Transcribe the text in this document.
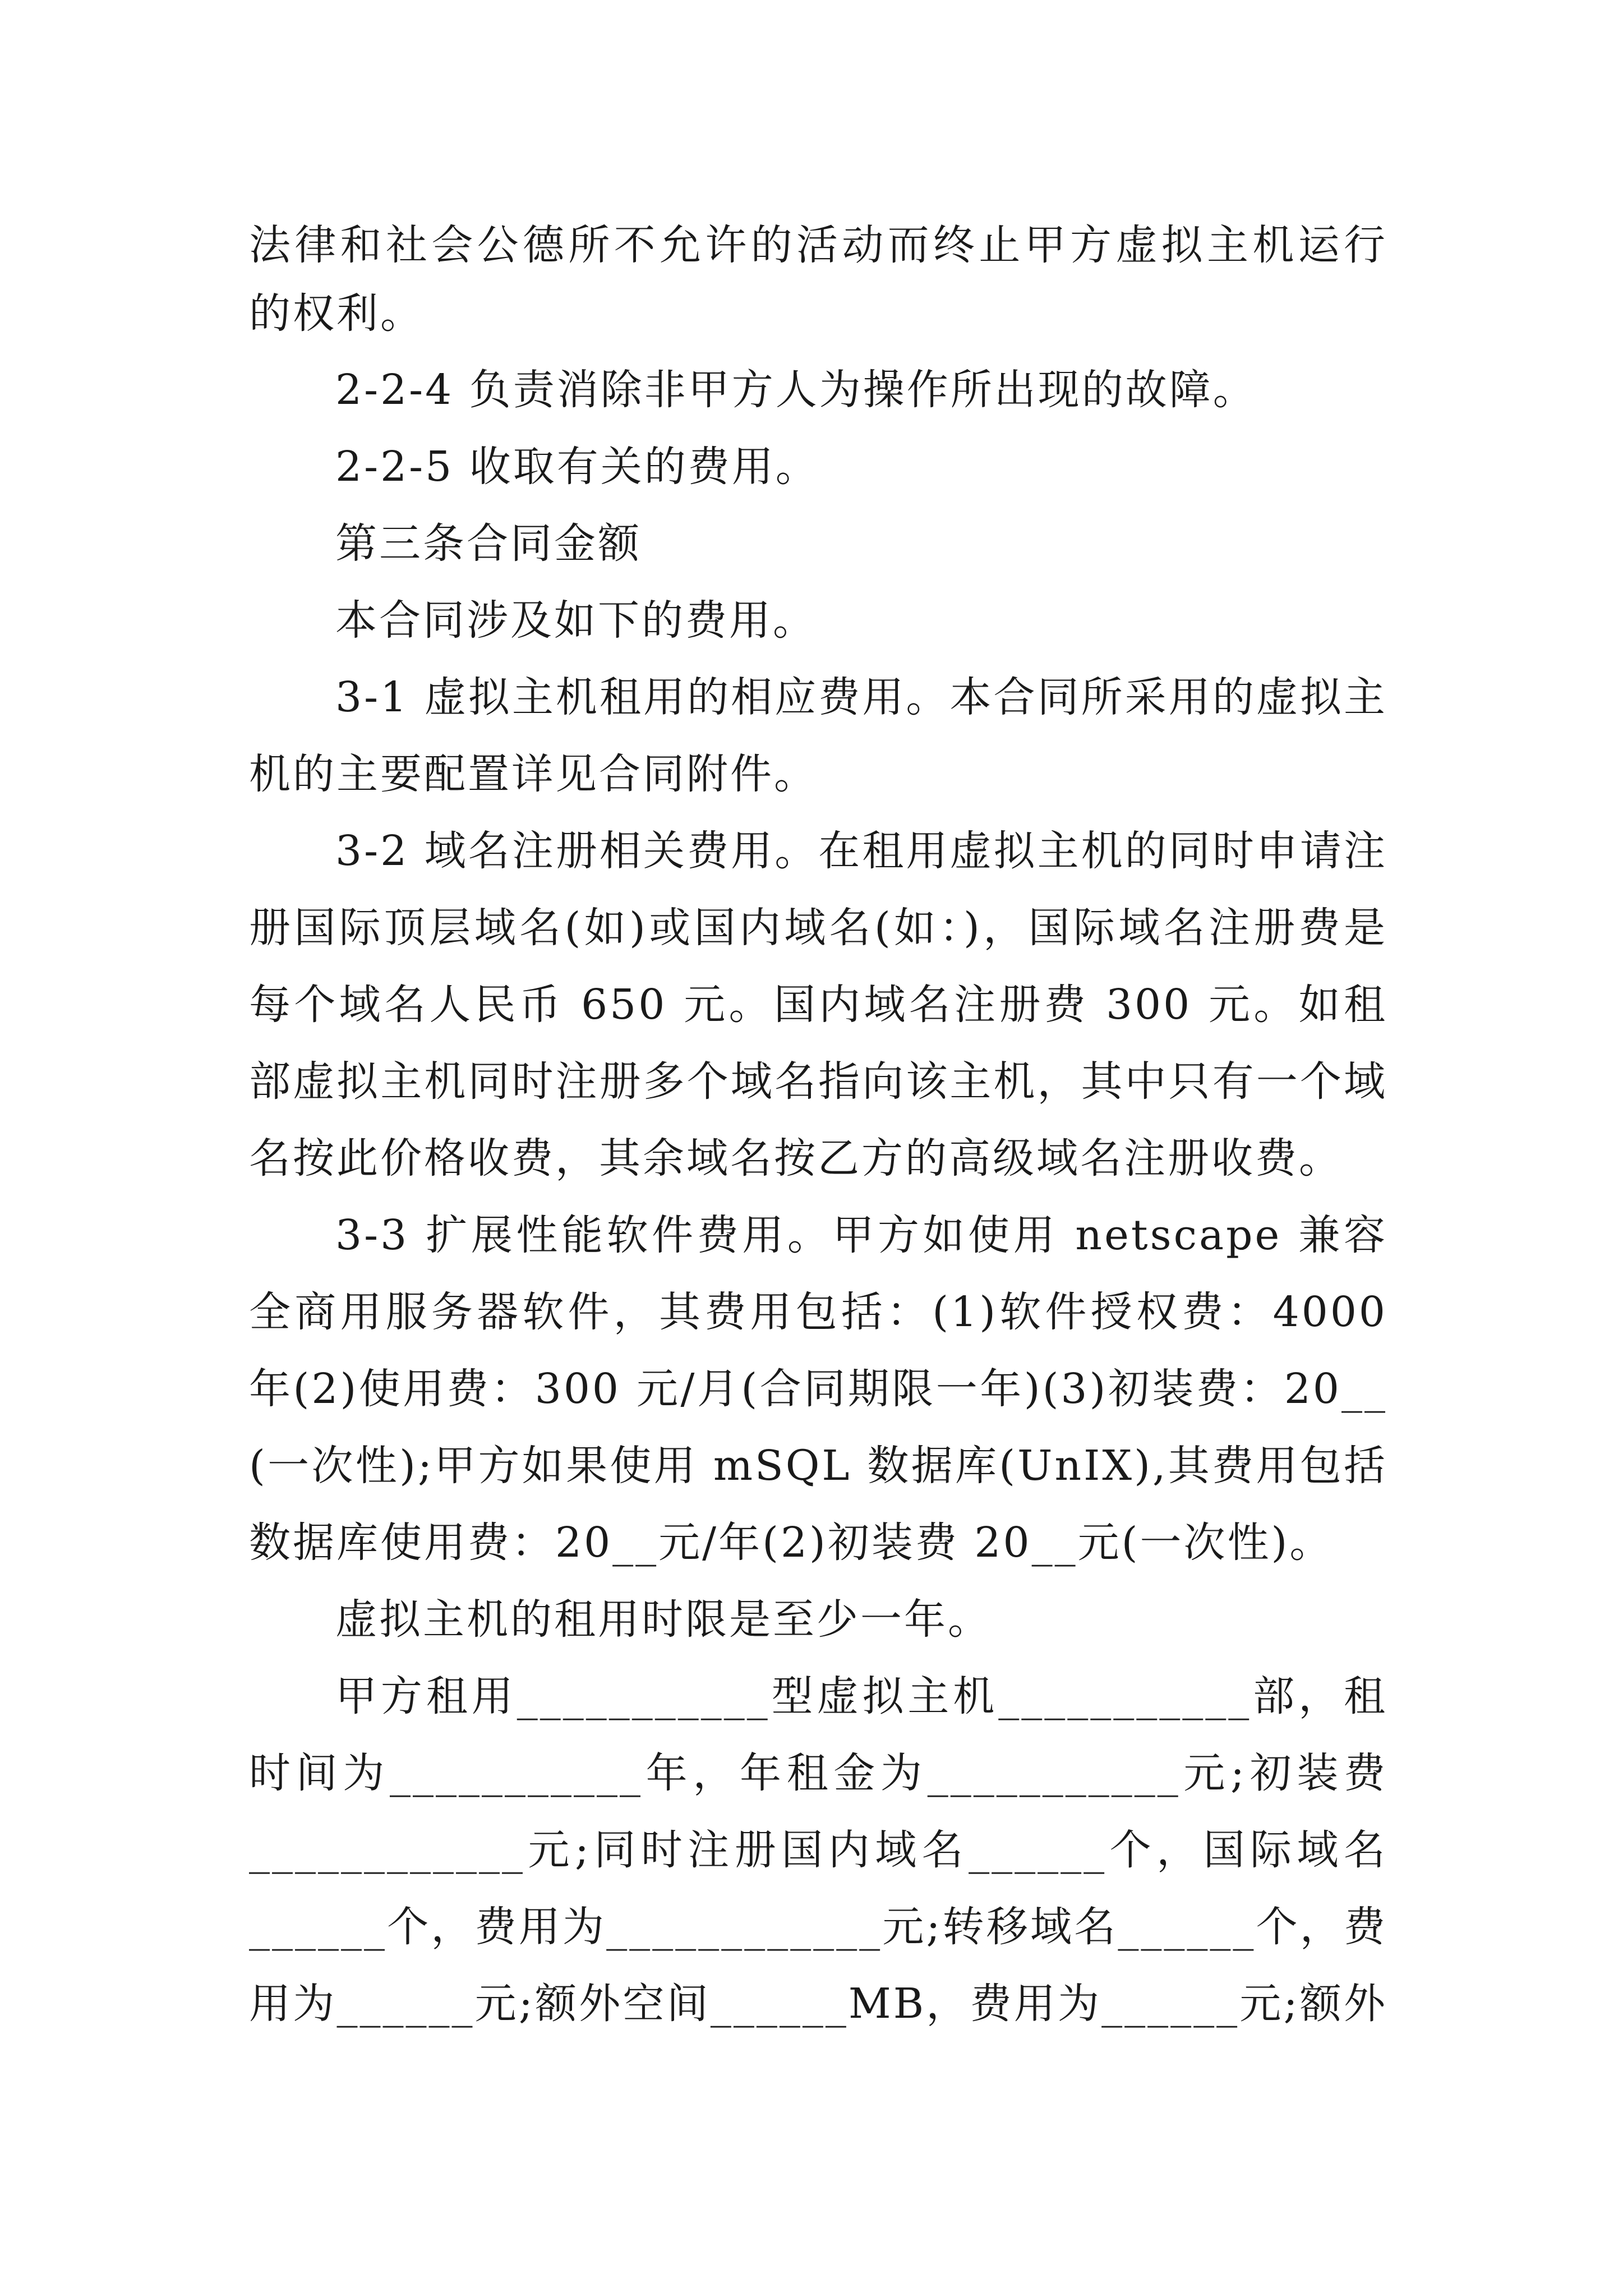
法律和社会公德所不允许的活动而终止甲方虚拟主机运行
的权利。
2-2-4 负责消除非甲方人为操作所出现的故障。
2-2-5 收取有关的费用。
第三条合同金额
本合同涉及如下的费用。
3-1 虚拟主机租用的相应费用。本合同所采用的虚拟主
机的主要配置详见合同附件。
3-2 域名注册相关费用。在租用虚拟主机的同时申请注
册国际顶层域名(如)或国内域名(如：)，国际域名注册费是
每个域名人民币 650 元。国内域名注册费 300 元。如租
部虚拟主机同时注册多个域名指向该主机，其中只有一个域
名按此价格收费，其余域名按乙方的高级域名注册收费。
3-3 扩展性能软件费用。甲方如使用 netscape 兼容
全商用服务器软件，其费用包括：(1)软件授权费：4000
年(2)使用费：300 元/月(合同期限一年)(3)初装费：20__
(一次性);甲方如果使用 mSQL 数据库(UnIX),其费用包括
数据库使用费：20__元/年(2)初装费 20__元(一次性)。
虚拟主机的租用时限是至少一年。
甲方租用___________型虚拟主机___________部，租
时间为___________年，年租金为___________元;初装费
____________元;同时注册国内域名______个，国际域名
______个，费用为____________元;转移域名______个，费
用为______元;额外空间______MB，费用为______元;额外
